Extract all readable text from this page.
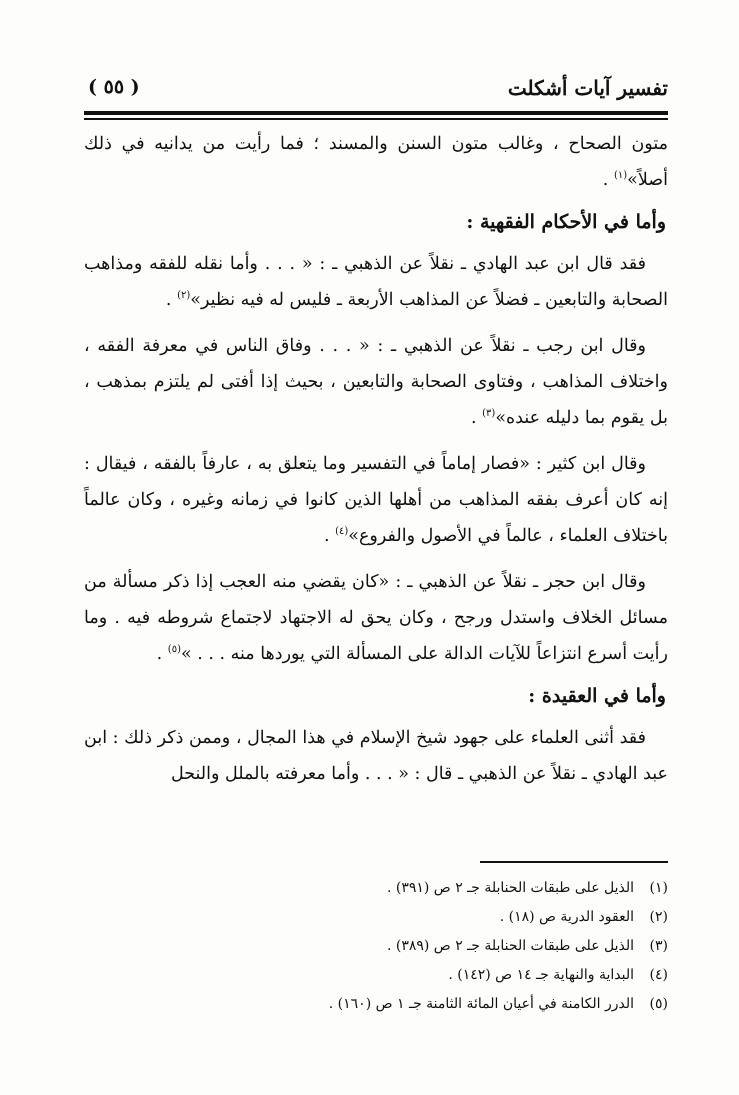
تفسير آيات أشكلت
( ٥٥ )

متون الصحاح ، وغالب متون السنن والمسند ؛ فما رأيت من يدانيه في ذلك أصلاً»$^{(١)}$ .

وأما في الأحكام الفقهية :

فقد قال ابن عبد الهادي ـ نقلاً عن الذهبي ـ : « . . . وأما نقله للفقه ومذاهب الصحابة والتابعين ـ فضلاً عن المذاهب الأربعة ـ فليس له فيه نظير»$^{(٢)}$ .

وقال ابن رجب ـ نقلاً عن الذهبي ـ : « . . . وفاق الناس في معرفة الفقه ، واختلاف المذاهب ، وفتاوى الصحابة والتابعين ، بحيث إذا أفتى لم يلتزم بمذهب ، بل يقوم بما دليله عنده»$^{(٣)}$ .

وقال ابن كثير : «فصار إماماً في التفسير وما يتعلق به ، عارفاً بالفقه ، فيقال : إنه كان أعرف بفقه المذاهب من أهلها الذين كانوا في زمانه وغيره ، وكان عالماً باختلاف العلماء ، عالماً في الأصول والفروع»$^{(٤)}$ .

وقال ابن حجر ـ نقلاً عن الذهبي ـ : «كان يقضي منه العجب إذا ذكر مسألة من مسائل الخلاف واستدل ورجح ، وكان يحق له الاجتهاد لاجتماع شروطه فيه . وما رأيت أسرع انتزاعاً للآيات الدالة على المسألة التي يوردها منه . . . »$^{(٥)}$ .

وأما في العقيدة :

فقد أثنى العلماء على جهود شيخ الإسلام في هذا المجال ، وممن ذكر ذلك : ابن عبد الهادي ـ نقلاً عن الذهبي ـ قال : « . . . وأما معرفته بالملل والنحل

(١)الذيل على طبقات الحنابلة جـ ٢ ص (٣٩١) .
(٢)العقود الدرية ص (١٨) .
(٣)الذيل على طبقات الحنابلة جـ ٢ ص (٣٨٩) .
(٤)البداية والنهاية جـ ١٤ ص (١٤٢) .
(٥)الدرر الكامنة في أعيان المائة الثامنة جـ ١ ص (١٦٠) .
